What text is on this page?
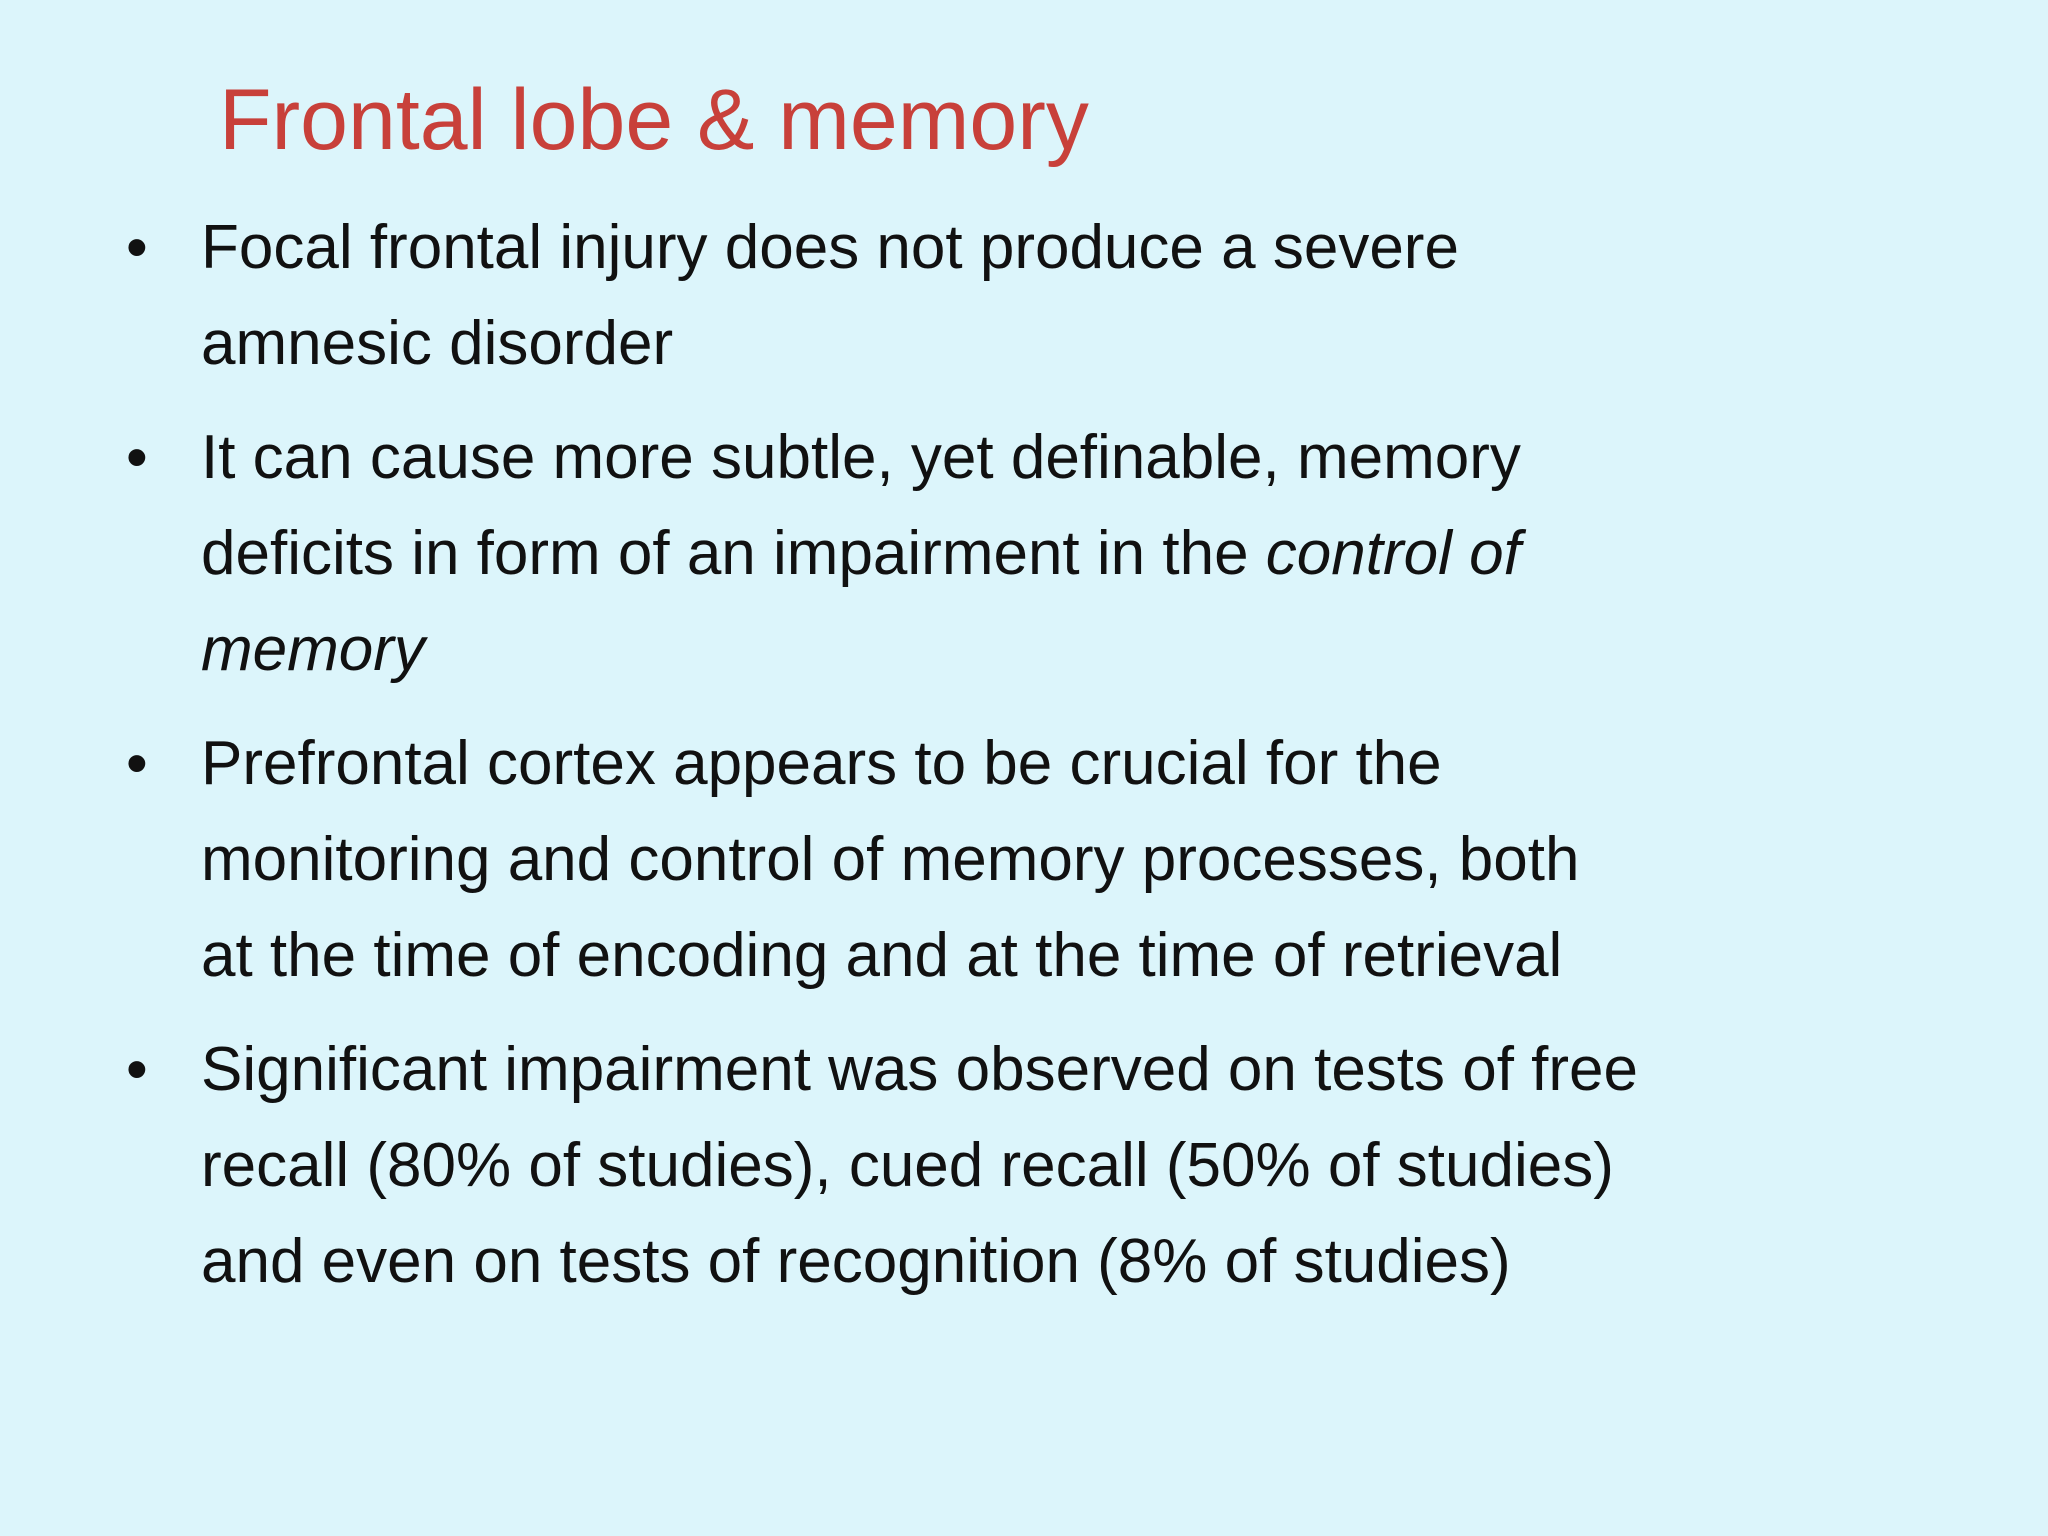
Frontal lobe & memory
• Focal frontal injury does not produce a severe
amnesic disorder
• It can cause more subtle, yet definable, memory
deficits in form of an impairment in the control of
memory
• Prefrontal cortex appears to be crucial for the
monitoring and control of memory processes, both
at the time of encoding and at the time of retrieval
• Significant impairment was observed on tests of free
recall (80% of studies), cued recall (50% of studies)
and even on tests of recognition (8% of studies)
